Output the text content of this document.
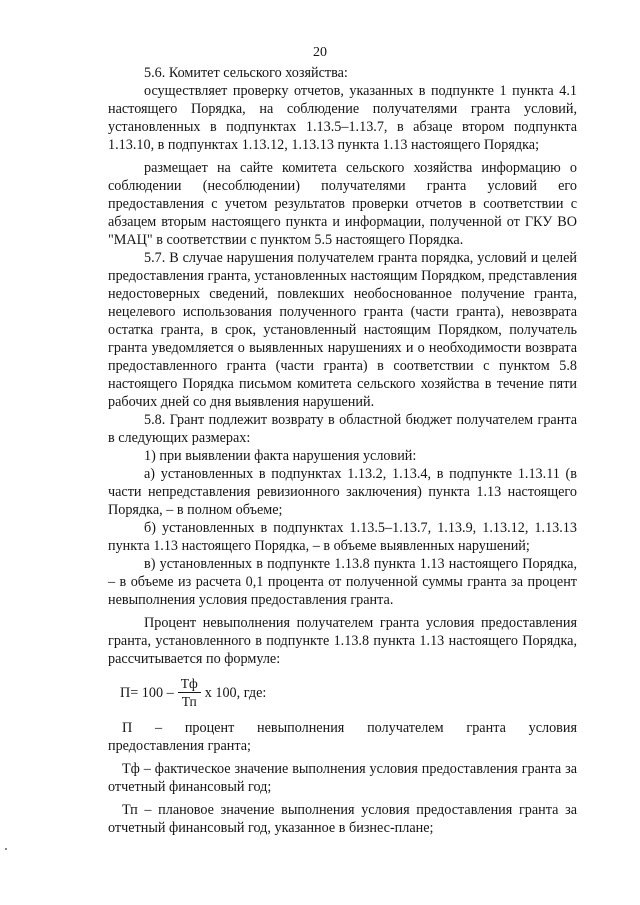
20

5.6. Комитет сельского хозяйства:

осуществляет проверку отчетов, указанных в подпункте 1 пункта 4.1 настоящего Порядка, на соблюдение получателями гранта условий, установленных в подпунктах 1.13.5–1.13.7, в абзаце втором подпункта 1.13.10, в подпунктах 1.13.12, 1.13.13 пункта 1.13 настоящего Порядка;

размещает на сайте комитета сельского хозяйства информацию о соблюдении (несоблюдении) получателями гранта условий его предоставления с учетом результатов проверки отчетов в соответствии с абзацем вторым настоящего пункта и информации, полученной от ГКУ ВО "МАЦ" в соответствии с пунктом 5.5 настоящего Порядка.

5.7. В случае нарушения получателем гранта порядка, условий и целей предоставления гранта, установленных настоящим Порядком, представления недостоверных сведений, повлекших необоснованное получение гранта, нецелевого использования полученного гранта (части гранта), невозврата остатка гранта, в срок, установленный настоящим Порядком, получатель гранта уведомляется о выявленных нарушениях и о необходимости возврата предоставленного гранта (части гранта) в соответствии с пунктом 5.8 настоящего Порядка письмом комитета сельского хозяйства в течение пяти рабочих дней со дня выявления нарушений.

5.8. Грант подлежит возврату в областной бюджет получателем гранта в следующих размерах:

1) при выявлении факта нарушения условий:

а) установленных в подпунктах 1.13.2, 1.13.4, в подпункте 1.13.11 (в части непредставления ревизионного заключения) пункта 1.13 настоящего Порядка, – в полном объеме;

б) установленных в подпунктах 1.13.5–1.13.7, 1.13.9, 1.13.12, 1.13.13 пункта 1.13 настоящего Порядка, – в объеме выявленных нарушений;

в) установленных в подпункте 1.13.8 пункта 1.13 настоящего Порядка, – в объеме из расчета 0,1 процента от полученной суммы гранта за процент невыполнения условия предоставления гранта.

Процент невыполнения получателем гранта условия предоставления гранта, установленного в подпункте 1.13.8 пункта 1.13 настоящего Порядка, рассчитывается по формуле:

$П= 100 - \frac{Тф}{Тп}$ х 100, где:

П – процент невыполнения получателем гранта условия

предоставления гранта;

Тф – фактическое значение выполнения условия предоставления гранта за отчетный финансовый год;

Тп – плановое значение выполнения условия предоставления гранта за отчетный финансовый год, указанное в бизнес-плане;
